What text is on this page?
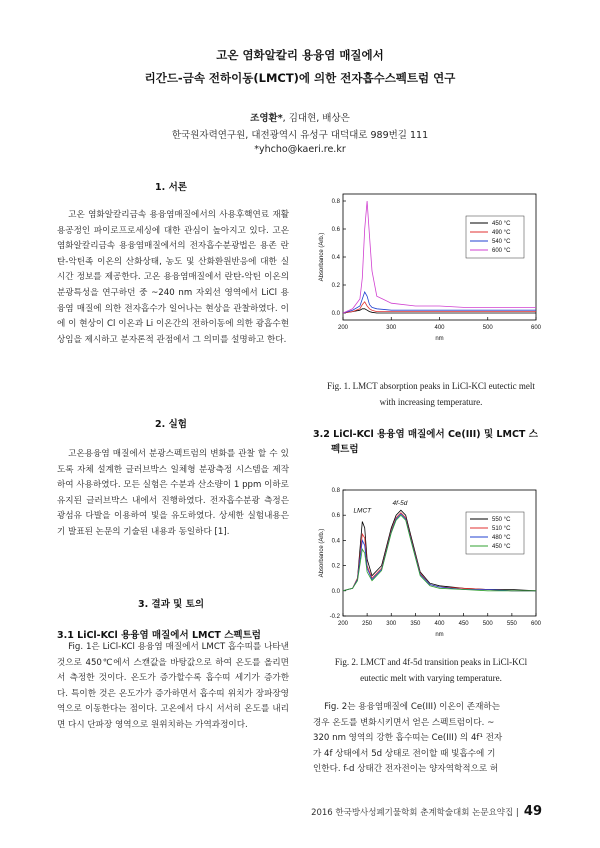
고온 염화알칼리 용융염 매질에서
리간드-금속 전하이동(LMCT)에 의한 전자흡수스펙트럼 연구
조영환*, 김대현, 배상은
한국원자력연구원, 대전광역시 유성구 대덕대로 989번길 111
*yhcho@kaeri.re.kr
1. 서론
고온 염화알칼리금속 용융염매질에서의 사용후핵연료 재활용공정인 파이로프로세싱에 대한 관심이 높아지고 있다. 고온 염화알칼리금속 용융염매질에서의 전자흡수분광법은 용존 란탄-악틴족 이온의 산화상태, 농도 및 산화환원반응에 대한 실시간 정보를 제공한다. 고온 용융염매질에서 란탄-악틴 이온의 분광특성을 연구하던 중 ~240 nm 자외선 영역에서 LiCl 용융염 매질에 의한 전자흡수가 일어나는 현상을 관찰하였다. 이에 이 현상이 Cl 이온과 Li 이온간의 전하이동에 의한 광흡수현상임을 제시하고 분자론적 관점에서 그 의미를 설명하고 한다.
2. 실험
고온용융염 매질에서 분광스펙트럼의 변화를 관찰 할 수 있도록 자체 설계한 글러브박스 일체형 분광측정 시스템을 제작하여 사용하였다. 모든 실험은 수분과 산소량이 1 ppm 이하로 유지된 글러브박스 내에서 진행하였다. 전자흡수분광 측정은 광섬유 다발을 이용하여 빛을 유도하였다. 상세한 실험내용은 기 발표된 논문의 기술된 내용과 동일하다 [1].
3. 결과 및 토의
3.1 LiCl-KCl 용융염 매질에서 LMCT 스펙트럼
Fig. 1은 LiCl-KCl 용융염 매질에서 LMCT 흡수띠를 나타낸 것으로 450℃에서 스캔값을 바탕값으로 하여 온도를 올리면서 측정한 것이다. 온도가 증가할수록 흡수띠 세기가 증가한다. 특이한 것은 온도가가 증가하면서 흡수띠 위치가 장파장영역으로 이동한다는 점이다. 고온에서 다시 서서히 온도를 내리면 다시 단파장 영역으로 원위치하는 가역과정이다.
200	300	400	500	600
0.0
0.2
0.4
0.6
0.8
nm
Absorbance (Arb.)
450 °C
490 °C
540 °C
600 °C
Fig. 1. LMCT absorption peaks in LiCl-KCl eutectic melt
with increasing temperature.
3.2 LiCl-KCl 용융염 매질에서 Ce(III) 및 LMCT 스
펙트럼
200 250 300 350 400 450 500 550 600
-0.2
0.0
0.2
0.4
0.6
0.8
nm
Absorbance (Arb.)
550 °C
510 °C
480 °C
450 °C
LMCT
4f-5d
Fig. 2. LMCT and 4f-5d transition peaks in LiCl-KCl
eutectic melt with varying temperature.
Fig. 2는 용융염매질에 Ce(III) 이온이 존재하는
경우 온도를 변화시키면서 얻은 스펙트럼이다. ~
320 nm 영역의 강한 흡수띠는 Ce(III) 의 4f¹ 전자
가 4f 상태에서 5d 상태로 전이할 때 빛흡수에 기
인한다. f-d 상태간 전자전이는 양자역학적으로 허
2016 한국방사성폐기물학회 춘계학술대회 논문요약집 | 49
